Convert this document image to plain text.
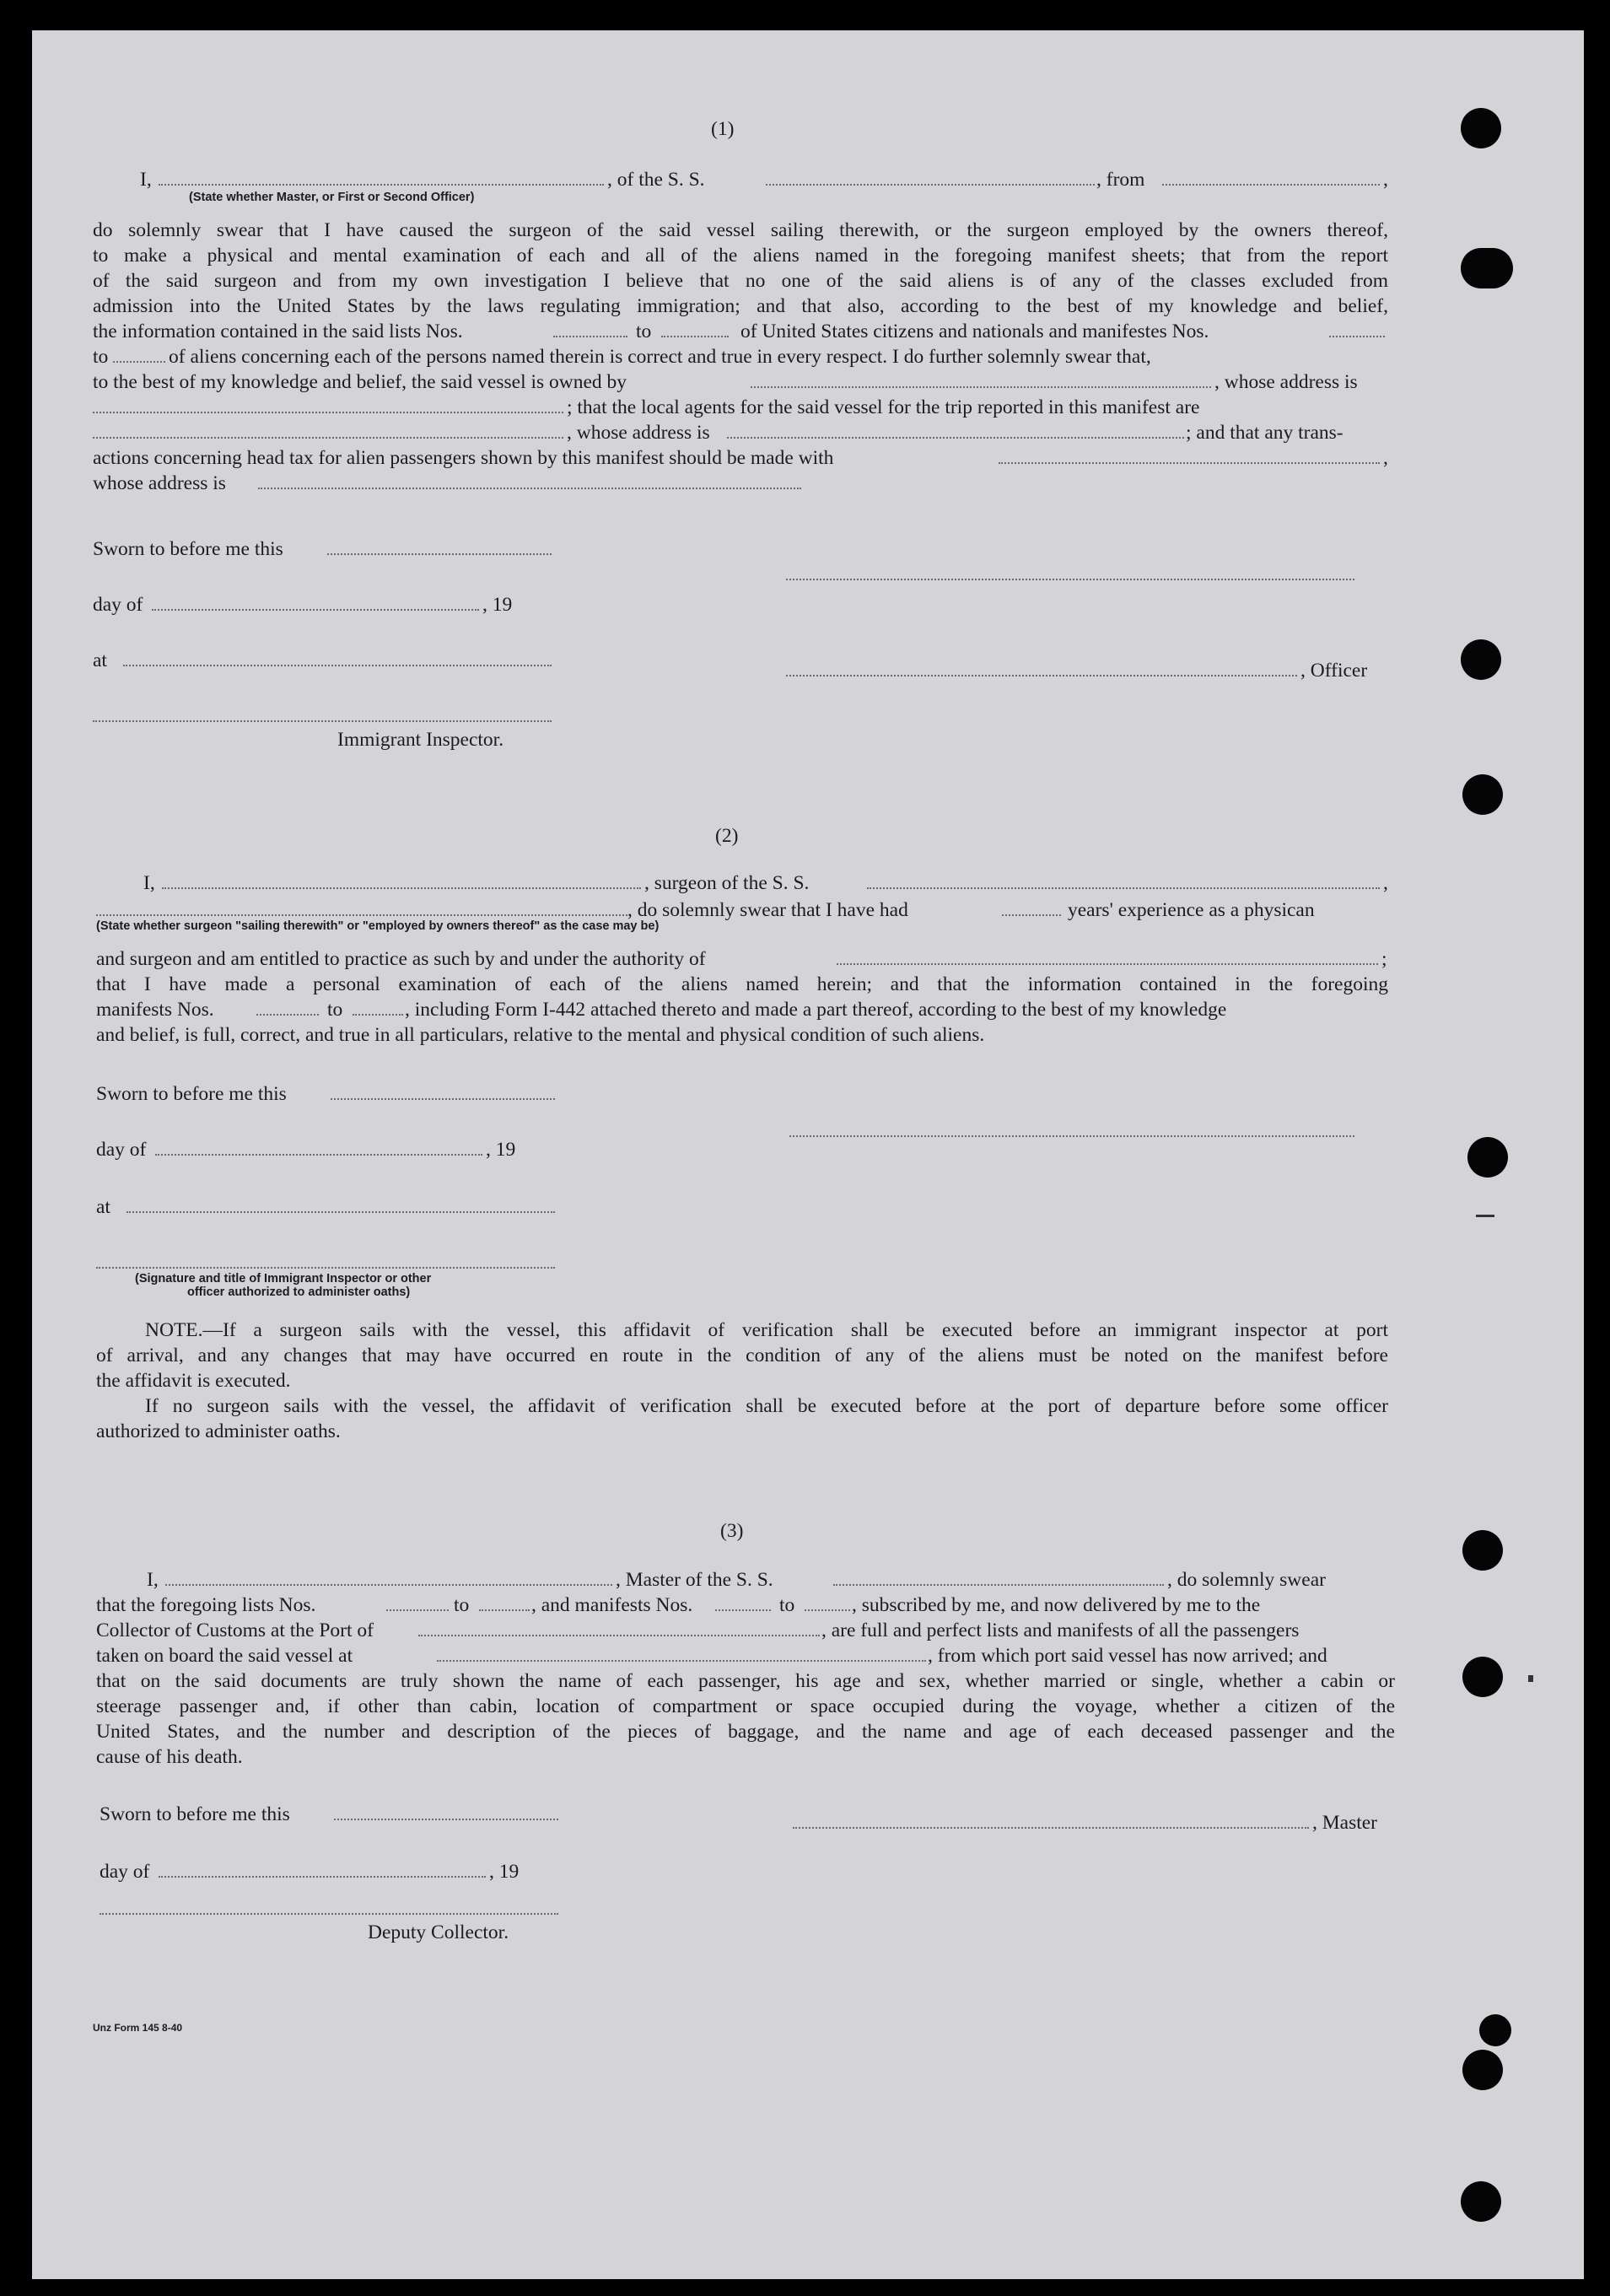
(1)
I,	, of the S. S.	, from	,
(State whether Master, or First or Second Officer)
do solemnly swear that I have caused the surgeon of the said vessel sailing therewith, or the surgeon employed by the owners thereof,
to make a physical and mental examination of each and all of the aliens named in the foregoing manifest sheets; that from the report
of the said surgeon and from my own investigation I believe that no one of the said aliens is of any of the classes excluded from
admission into the United States by the laws regulating immigration; and that also, according to the best of my knowledge and belief,
the information contained in the said lists Nos.	to	of United States citizens and nationals and manifestes Nos.
to	of aliens concerning each of the persons named therein is correct and true in every respect. I do further solemnly swear that,
to the best of my knowledge and belief, the said vessel is owned by	, whose address is
; that the local agents for the said vessel for the trip reported in this manifest are
, whose address is	; and that any trans-
actions concerning head tax for alien passengers shown by this manifest should be made with	,
whose address is
Sworn to before me this
day of	, 19
at	, Officer
Immigrant Inspector.
(2)
I,	, surgeon of the S. S.	,
, do solemnly swear that I have had	years' experience as a physican
(State whether surgeon "sailing therewith" or "employed by owners thereof" as the case may be)
and surgeon and am entitled to practice as such by and under the authority of	;
that I have made a personal examination of each of the aliens named herein; and that the information contained in the foregoing
manifests Nos.	to	, including Form I-442 attached thereto and made a part thereof, according to the best of my knowledge
and belief, is full, correct, and true in all particulars, relative to the mental and physical condition of such aliens.
Sworn to before me this
day of	, 19
at
(Signature and title of Immigrant Inspector or other
officer authorized to administer oaths)
NOTE.—If a surgeon sails with the vessel, this affidavit of verification shall be executed before an immigrant inspector at port
of arrival, and any changes that may have occurred en route in the condition of any of the aliens must be noted on the manifest before
the affidavit is executed.
If no surgeon sails with the vessel, the affidavit of verification shall be executed before at the port of departure before some officer
authorized to administer oaths.
(3)
I,	, Master of the S. S.	, do solemnly swear
that the foregoing lists Nos.	to	, and manifests Nos.	to	, subscribed by me, and now delivered by me to the
Collector of Customs at the Port of	, are full and perfect lists and manifests of all the passengers
taken on board the said vessel at	, from which port said vessel has now arrived; and
that on the said documents are truly shown the name of each passenger, his age and sex, whether married or single, whether a cabin or
steerage passenger and, if other than cabin, location of compartment or space occupied during the voyage, whether a citizen of the
United States, and the number and description of the pieces of baggage, and the name and age of each deceased passenger and the
cause of his death.
Sworn to before me this	, Master
day of	, 19
Deputy Collector.
Unz Form 145 8-40
